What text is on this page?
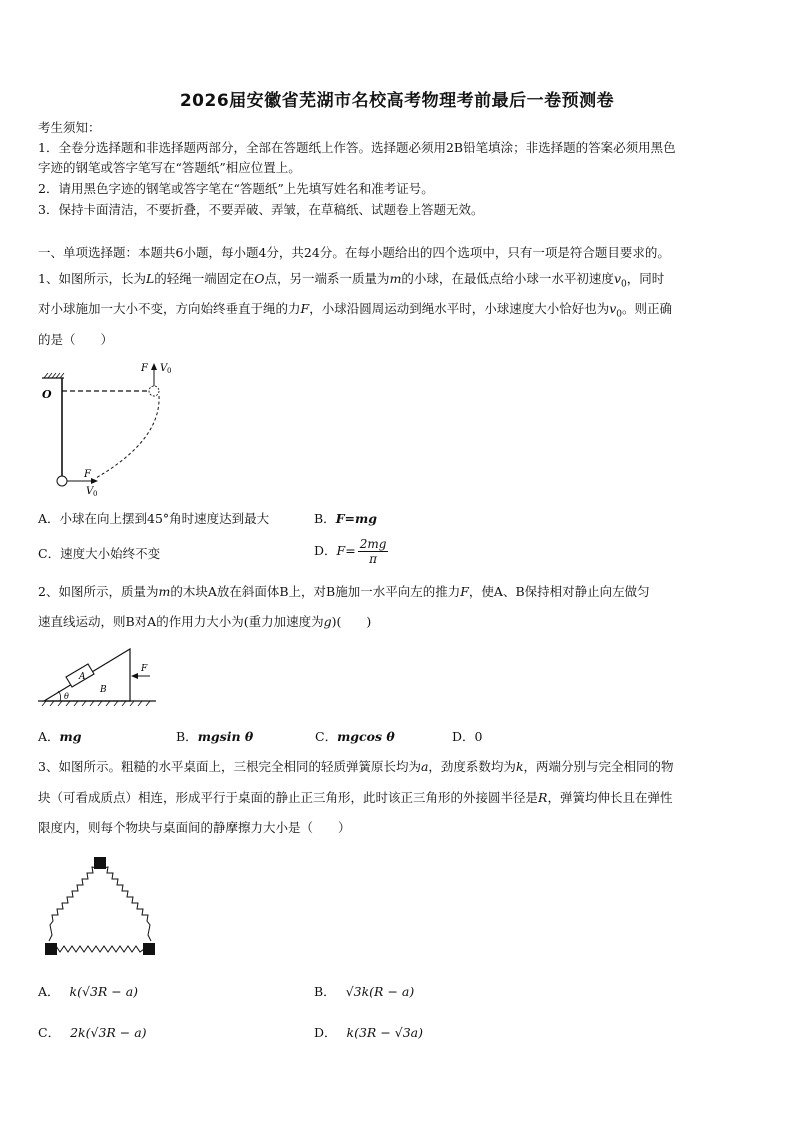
2026届安徽省芜湖市名校高考物理考前最后一卷预测卷
考生须知：
1．全卷分选择题和非选择题两部分，全部在答题纸上作答。选择题必须用2B铅笔填涂；非选择题的答案必须用黑色
字迹的钢笔或答字笔写在“答题纸”相应位置上。
2．请用黑色字迹的钢笔或答字笔在“答题纸”上先填写姓名和准考证号。
3．保持卡面清洁，不要折叠，不要弄破、弄皱，在草稿纸、试题卷上答题无效。
一、单项选择题：本题共6小题，每小题4分，共24分。在每小题给出的四个选项中，只有一项是符合题目要求的。
1、如图所示，长为L的轻绳一端固定在O点，另一端系一质量为m的小球，在最低点给小球一水平初速度$v_0$，同时
对小球施加一大小不变，方向始终垂直于绳的力F，小球沿圆周运动到绳水平时，小球速度大小恰好也为$v_0$。则正确
的是（　　）
F V 0
O
F
V 0
A．小球在向上摆到45°角时速度达到最大	B．F=mg
C．速度大小始终不变	D．$F= \frac{2mg}{\pi}$
2、如图所示，质量为m的木块A放在斜面体B上，对B施加一水平向左的推力F，使A、B保持相对静止向左做匀
速直线运动，则B对A的作用力大小为(重力加速度为g)(　　)
A
B
θ
F
A．mg	B．mgsin θ	C．mgcos θ	D．0
3、如图所示。粗糙的水平桌面上，三根完全相同的轻质弹簧原长均为a，劲度系数均为k，两端分别与完全相同的物
块（可看成质点）相连，形成平行于桌面的静止正三角形，此时该正三角形的外接圆半径是R，弹簧均伸长且在弹性
限度内，则每个物块与桌面间的静摩擦力大小是（　　）
A． k(√3R − a)	B． √3k(R − a)
C． 2k(√3R − a)	D． k(3R − √3a)
